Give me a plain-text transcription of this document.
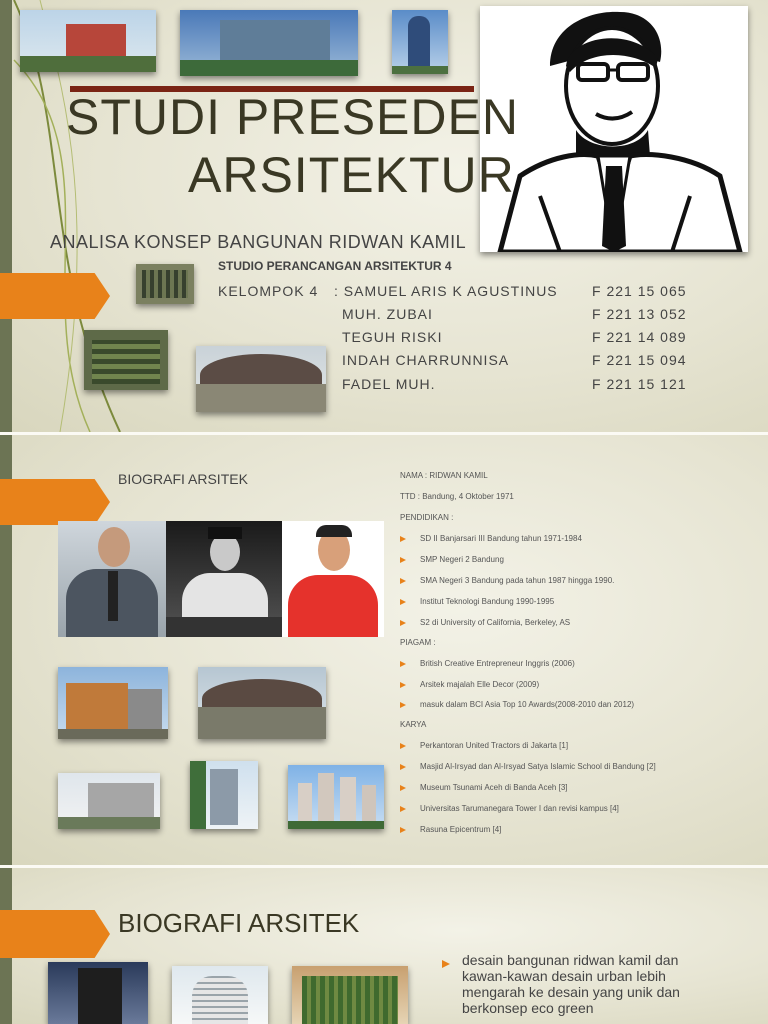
STUDI PRESEDEN
ARSITEKTUR
ANALISA KONSEP BANGUNAN RIDWAN KAMIL
STUDIO PERANCANGAN ARSITEKTUR 4
KELOMPOK 4 : SAMUEL ARIS K AGUSTINUS F 221 15 065
MUH. ZUBAI	F 221 13 052
TEGUH RISKI	F 221 14 089
INDAH CHARRUNNISA	F 221 15 094
FADEL MUH.	F 221 15 121
BIOGRAFI ARSITEK	NAMA : RIDWAN KAMIL
TTD : Bandung, 4 Oktober 1971
PENDIDIKAN :
SD II Banjarsari III Bandung tahun 1971-1984
SMP Negeri 2 Bandung
SMA Negeri 3 Bandung pada tahun 1987 hingga 1990.
Institut Teknologi Bandung 1990-1995
S2 di University of California, Berkeley, AS
PIAGAM :
British Creative Entrepreneur Inggris (2006)
Arsitek majalah Elle Decor (2009)
masuk dalam BCI Asia Top 10 Awards(2008-2010 dan 2012)
KARYA
Perkantoran United Tractors di Jakarta [1]
Masjid Al-Irsyad dan Al-Irsyad Satya Islamic School di Bandung [2]
Museum Tsunami Aceh di Banda Aceh [3]
Universitas Tarumanegara Tower I dan revisi kampus [4]
Rasuna Epicentrum [4]
BIOGRAFI ARSITEK
desain bangunan ridwan kamil dan
kawan-kawan desain urban lebih
mengarah ke desain yang unik dan
berkonsep eco green
